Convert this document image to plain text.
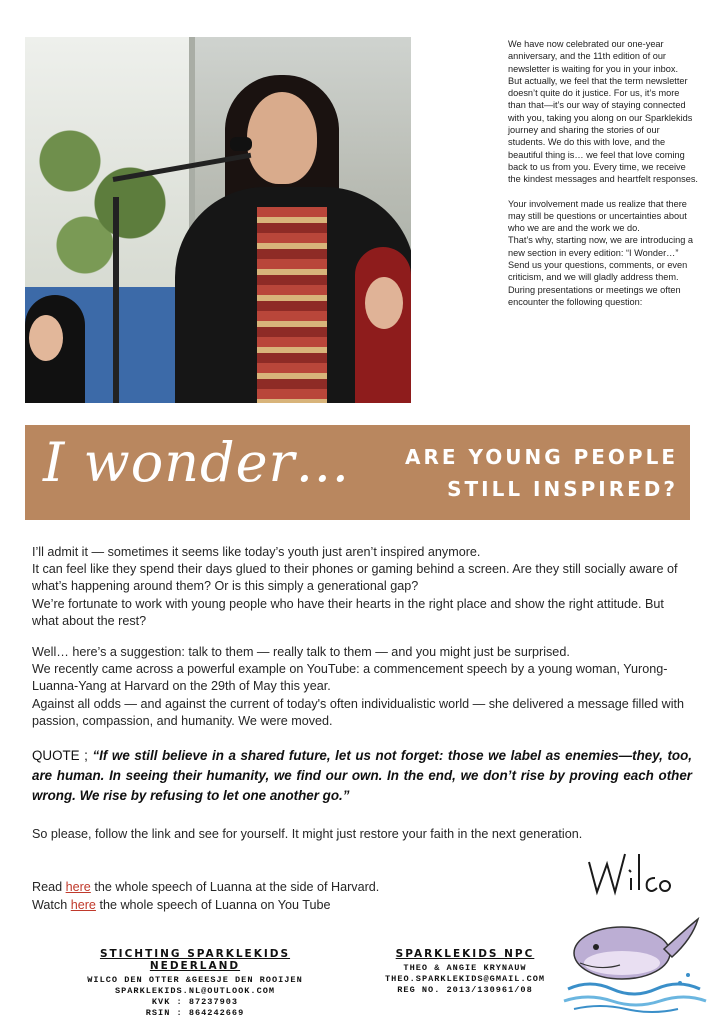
We have now celebrated our one-year anniversary, and the 11th edition of our newsletter is waiting for you in your inbox.

But actually, we feel that the term newsletter doesn’t quite do it justice. For us, it’s more than that—it’s our way of staying connected with you, taking you along on our Sparklekids journey and sharing the stories of our students. We do this with love, and the beautiful thing is… we feel that love coming back to us from you. Every time, we receive the kindest messages and heartfelt responses.

Your involvement made us realize that there may still be questions or uncertainties about who we are and the work we do.

That’s why, starting now, we are introducing a new section in every edition: “I Wonder…”

Send us your questions, comments, or even criticism, and we will gladly address them. During presentations or meetings we often encounter the following question:

I wonder…	ARE YOUNG PEOPLE
STILL INSPIRED?

I’ll admit it — sometimes it seems like today’s youth just aren’t inspired anymore.

It can feel like they spend their days glued to their phones or gaming behind a screen. Are they still socially aware of what’s happening around them? Or is this simply a generational gap?

We’re fortunate to work with young people who have their hearts in the right place and show the right attitude. But what about the rest?

Well… here’s a suggestion: talk to them — really talk to them — and you might just be surprised.

We recently came across a powerful example on YouTube: a commencement speech by a young woman, Yurong-Luanna-Yang at Harvard on the 29th of May this year.

Against all odds — and against the current of today's often individualistic world — she delivered a message filled with passion, compassion, and humanity. We were moved.

QUOTE ; “If we still believe in a shared future, let us not forget: those we label as enemies—they, too, are human. In seeing their humanity, we find our own. In the end, we don’t rise by proving each other wrong. We rise by refusing to let one another go.”
So please, follow the link and see for yourself. It might just restore your faith in the next generation.
Read here the whole speech of Luanna at the side of Harvard.
Watch here the whole speech of Luanna on You Tube
STICHTING SPARKLEKIDS NEDERLAND
WILCO DEN OTTER &GEESJE DEN ROOIJEN
SPARKLEKIDS.NL@OUTLOOK.COM
KVK : 87237903
RSIN : 864242669
SPARKLEKIDS NPC
THEO & ANGIE KRYNAUW
THEO.SPARKLEKIDS@GMAIL.COM
REG NO. 2013/130961/08
